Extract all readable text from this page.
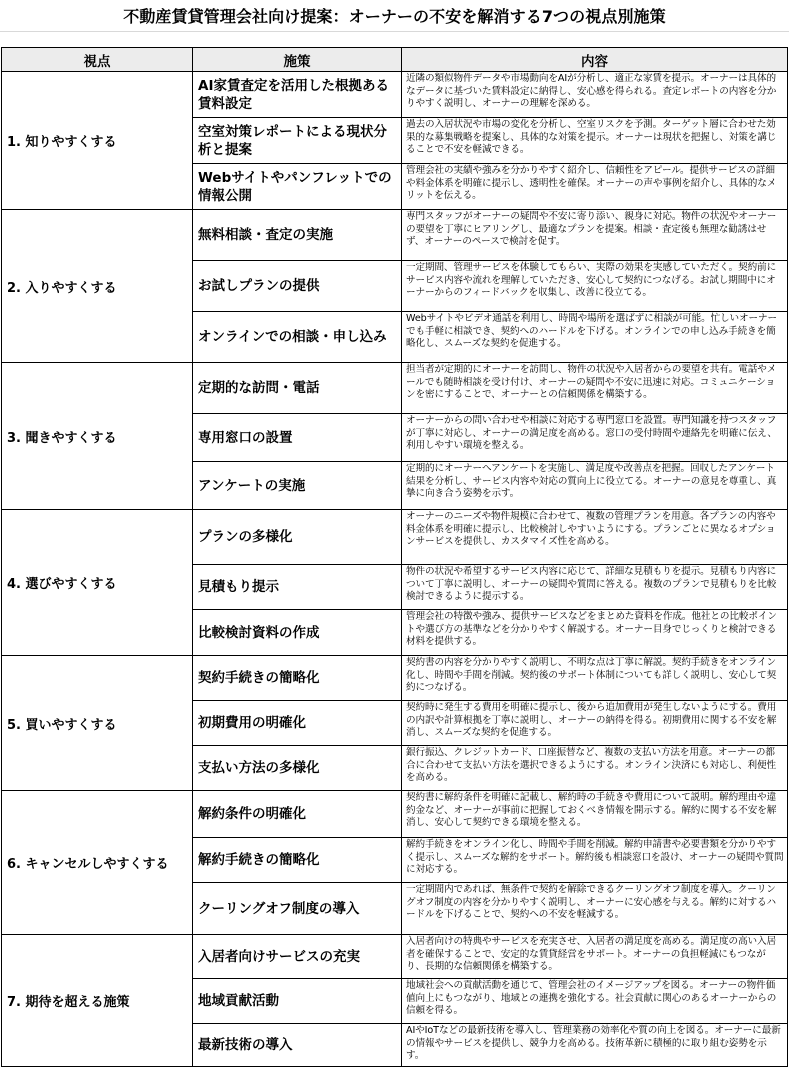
不動産賃貸管理会社向け提案：オーナーの不安を解消する7つの視点別施策
視点	施策	内容
1. 知りやすくする	AI家賃査定を活用した根拠ある賃料設定	近隣の類似物件データや市場動向をAIが分析し、適正な家賃を提示。オーナーは具体的なデータに基づいた賃料設定に納得し、安心感を得られる。査定レポートの内容を分かりやすく説明し、オーナーの理解を深める。
	空室対策レポートによる現状分析と提案	過去の入居状況や市場の変化を分析し、空室リスクを予測。ターゲット層に合わせた効果的な募集戦略を提案し、具体的な対策を提示。オーナーは現状を把握し、対策を講じることで不安を軽減できる。
	Webサイトやパンフレットでの情報公開	管理会社の実績や強みを分かりやすく紹介し、信頼性をアピール。提供サービスの詳細や料金体系を明確に提示し、透明性を確保。オーナーの声や事例を紹介し、具体的なメリットを伝える。
2. 入りやすくする	無料相談・査定の実施	専門スタッフがオーナーの疑問や不安に寄り添い、親身に対応。物件の状況やオーナーの要望を丁寧にヒアリングし、最適なプランを提案。相談・査定後も無理な勧誘はせず、オーナーのペースで検討を促す。
	お試しプランの提供	一定期間、管理サービスを体験してもらい、実際の効果を実感していただく。契約前にサービス内容や流れを理解していただき、安心して契約につなげる。お試し期間中にオーナーからのフィードバックを収集し、改善に役立てる。
	オンラインでの相談・申し込み	Webサイトやビデオ通話を利用し、時間や場所を選ばずに相談が可能。忙しいオーナーでも手軽に相談でき、契約へのハードルを下げる。オンラインでの申し込み手続きを簡略化し、スムーズな契約を促進する。
3. 聞きやすくする	定期的な訪問・電話	担当者が定期的にオーナーを訪問し、物件の状況や入居者からの要望を共有。電話やメールでも随時相談を受け付け、オーナーの疑問や不安に迅速に対応。コミュニケーションを密にすることで、オーナーとの信頼関係を構築する。
	専用窓口の設置	オーナーからの問い合わせや相談に対応する専門窓口を設置。専門知識を持つスタッフが丁寧に対応し、オーナーの満足度を高める。窓口の受付時間や連絡先を明確に伝え、利用しやすい環境を整える。
	アンケートの実施	定期的にオーナーへアンケートを実施し、満足度や改善点を把握。回収したアンケート結果を分析し、サービス内容や対応の質向上に役立てる。オーナーの意見を尊重し、真摯に向き合う姿勢を示す。
4. 選びやすくする	プランの多様化	オーナーのニーズや物件規模に合わせて、複数の管理プランを用意。各プランの内容や料金体系を明確に提示し、比較検討しやすいようにする。プランごとに異なるオプションサービスを提供し、カスタマイズ性を高める。
	見積もり提示	物件の状況や希望するサービス内容に応じて、詳細な見積もりを提示。見積もり内容について丁寧に説明し、オーナーの疑問や質問に答える。複数のプランで見積もりを比較検討できるように提示する。
	比較検討資料の作成	管理会社の特徴や強み、提供サービスなどをまとめた資料を作成。他社との比較ポイントや選び方の基準などを分かりやすく解説する。オーナー目身でじっくりと検討できる材料を提供する。
5. 買いやすくする	契約手続きの簡略化	契約書の内容を分かりやすく説明し、不明な点は丁寧に解説。契約手続きをオンライン化し、時間や手間を削減。契約後のサポート体制についても詳しく説明し、安心して契約につなげる。
	初期費用の明確化	契約時に発生する費用を明確に提示し、後から追加費用が発生しないようにする。費用の内訳や計算根拠を丁寧に説明し、オーナーの納得を得る。初期費用に関する不安を解消し、スムーズな契約を促進する。
	支払い方法の多様化	銀行振込、クレジットカード、口座振替など、複数の支払い方法を用意。オーナーの都合に合わせて支払い方法を選択できるようにする。オンライン決済にも対応し、利便性を高める。
6. キャンセルしやすくする	解約条件の明確化	契約書に解約条件を明確に記載し、解約時の手続きや費用について説明。解約理由や違約金など、オーナーが事前に把握しておくべき情報を開示する。解約に関する不安を解消し、安心して契約できる環境を整える。
	解約手続きの簡略化	解約手続きをオンライン化し、時間や手間を削減。解約申請書や必要書類を分かりやすく提示し、スムーズな解約をサポート。解約後も相談窓口を設け、オーナーの疑問や質問に対応する。
	クーリングオフ制度の導入	一定期間内であれば、無条件で契約を解除できるクーリングオフ制度を導入。クーリングオフ制度の内容を分かりやすく説明し、オーナーに安心感を与える。解約に対するハードルを下げることで、契約への不安を軽減する。
7. 期待を超える施策	入居者向けサービスの充実	入居者向けの特典やサービスを充実させ、入居者の満足度を高める。満足度の高い入居者を確保することで、安定的な賃貸経営をサポート。オーナーの負担軽減にもつながり、長期的な信頼関係を構築する。
	地域貢献活動	地域社会への貢献活動を通じて、管理会社のイメージアップを図る。オーナーの物件価値向上にもつながり、地域との連携を強化する。社会貢献に関心のあるオーナーからの信頼を得る。
	最新技術の導入	AIやIoTなどの最新技術を導入し、管理業務の効率化や質の向上を図る。オーナーに最新の情報やサービスを提供し、競争力を高める。技術革新に積極的に取り組む姿勢を示す。
